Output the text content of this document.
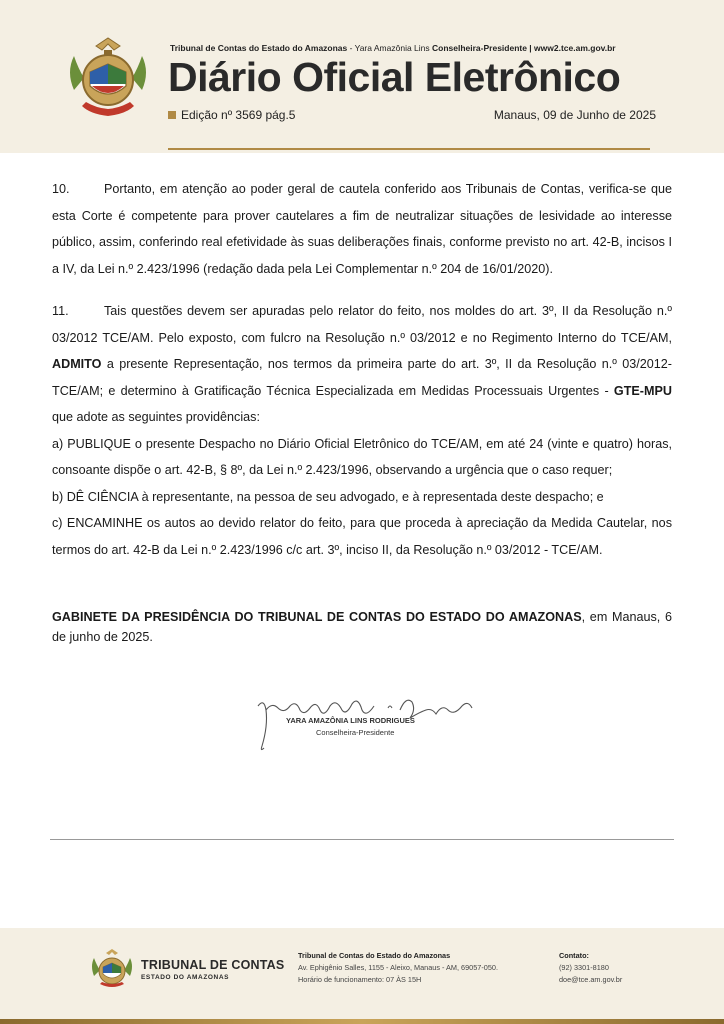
Tribunal de Contas do Estado do Amazonas - Yara Amazônia Lins Conselheira-Presidente | www2.tce.am.gov.br
Diário Oficial Eletrônico
Edição nº 3569 pág.5	Manaus, 09 de Junho de 2025

10.	Portanto, em atenção ao poder geral de cautela conferido aos Tribunais de Contas, verifica-se que esta Corte é competente para prover cautelares a fim de neutralizar situações de lesividade ao interesse público, assim, conferindo real efetividade às suas deliberações finais, conforme previsto no art. 42-B, incisos I a IV, da Lei n.º 2.423/1996 (redação dada pela Lei Complementar n.º 204 de 16/01/2020).

11.	Tais questões devem ser apuradas pelo relator do feito, nos moldes do art. 3º, II da Resolução n.º 03/2012 TCE/AM. Pelo exposto, com fulcro na Resolução n.º 03/2012 e no Regimento Interno do TCE/AM, ADMITO a presente Representação, nos termos da primeira parte do art. 3º, II da Resolução n.º 03/2012-TCE/AM; e determino à Gratificação Técnica Especializada em Medidas Processuais Urgentes - GTE-MPU que adote as seguintes providências:

a) PUBLIQUE o presente Despacho no Diário Oficial Eletrônico do TCE/AM, em até 24 (vinte e quatro) horas, consoante dispõe o art. 42-B, § 8º, da Lei n.º 2.423/1996, observando a urgência que o caso requer;

b) DÊ CIÊNCIA à representante, na pessoa de seu advogado, e à representada deste despacho; e

c) ENCAMINHE os autos ao devido relator do feito, para que proceda à apreciação da Medida Cautelar, nos termos do art. 42-B da Lei n.º 2.423/1996 c/c art. 3º, inciso II, da Resolução n.º 03/2012 - TCE/AM.

GABINETE DA PRESIDÊNCIA DO TRIBUNAL DE CONTAS DO ESTADO DO AMAZONAS, em Manaus, 6 de junho de 2025.

YARA AMAZÔNIA LINS RODRIGUES
Conselheira-Presidente
TRIBUNAL DE CONTAS
ESTADO DO AMAZONAS
Tribunal de Contas do Estado do Amazonas
Av. Ephigênio Salles, 1155 - Aleixo, Manaus - AM, 69057-050.
Horário de funcionamento: 07 ÀS 15H
Contato:
(92) 3301-8180
doe@tce.am.gov.br
